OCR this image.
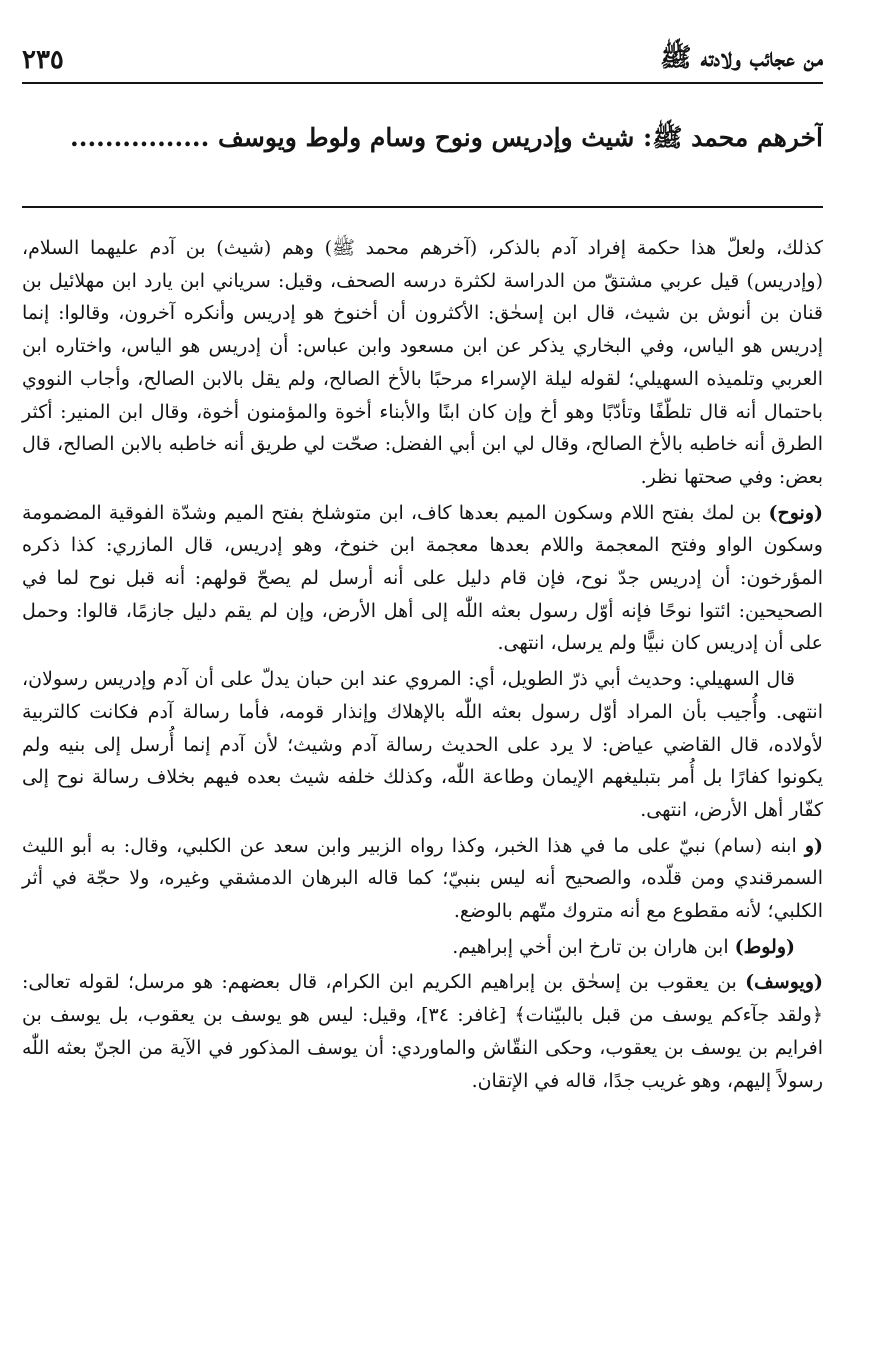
من عجائب ولادته ﷺ
٢٣٥
آخرهم محمد ﷺ: شيث وإدريس ونوح وسام ولوط ويوسف ................

كذلك، ولعلّ هذا حكمة إفراد آدم بالذكر، (آخرهم محمد ﷺ) وهم (شيث) بن آدم عليهما السلام، (وإدريس) قيل عربي مشتقّ من الدراسة لكثرة درسه الصحف، وقيل: سرياني ابن يارد ابن مهلائيل بن قنان بن أنوش بن شيث، قال ابن إسحٰق: الأكثرون أن أخنوخ هو إدريس وأنكره آخرون، وقالوا: إنما إدريس هو الياس، وفي البخاري يذكر عن ابن مسعود وابن عباس: أن إدريس هو الياس، واختاره ابن العربي وتلميذه السهيلي؛ لقوله ليلة الإسراء مرحبًا بالأخ الصالح، ولم يقل بالابن الصالح، وأجاب النووي باحتمال أنه قال تلطّفًا وتأدّبًا وهو أخ وإن كان ابنًا والأبناء أخوة والمؤمنون أخوة، وقال ابن المنير: أكثر الطرق أنه خاطبه بالأخ الصالح، وقال لي ابن أبي الفضل: صحّت لي طريق أنه خاطبه بالابن الصالح، قال بعض: وفي صحتها نظر.

(ونوح) بن لمك بفتح اللام وسكون الميم بعدها كاف، ابن متوشلخ بفتح الميم وشدّة الفوقية المضمومة وسكون الواو وفتح المعجمة واللام بعدها معجمة ابن خنوخ، وهو إدريس، قال المازري: كذا ذكره المؤرخون: أن إدريس جدّ نوح، فإن قام دليل على أنه أرسل لم يصحّ قولهم: أنه قبل نوح لما في الصحيحين: ائتوا نوحًا فإنه أوّل رسول بعثه اللّٰه إلى أهل الأرض، وإن لم يقم دليل جازمًا، قالوا: وحمل على أن إدريس كان نبيًّا ولم يرسل، انتهى.

قال السهيلي: وحديث أبي ذرّ الطويل، أي: المروي عند ابن حبان يدلّ على أن آدم وإدريس رسولان، انتهى. وأُجيب بأن المراد أوّل رسول بعثه اللّٰه بالإهلاك وإنذار قومه، فأما رسالة آدم فكانت كالتربية لأولاده، قال القاضي عياض: لا يرد على الحديث رسالة آدم وشيث؛ لأن آدم إنما أُرسل إلى بنيه ولم يكونوا كفارًا بل أُمر بتبليغهم الإيمان وطاعة اللّٰه، وكذلك خلفه شيث بعده فيهم بخلاف رسالة نوح إلى كفّار أهل الأرض، انتهى.

(و ابنه (سام) نبيّ على ما في هذا الخبر، وكذا رواه الزبير وابن سعد عن الكلبي، وقال: به أبو الليث السمرقندي ومن قلّده، والصحيح أنه ليس بنبيّ؛ كما قاله البرهان الدمشقي وغيره، ولا حجّة في أثر الكلبي؛ لأنه مقطوع مع أنه متروك متّهم بالوضع.

(ولوط) ابن هاران بن تارخ ابن أخي إبراهيم.

(ويوسف) بن يعقوب بن إسحٰق بن إبراهيم الكريم ابن الكرام، قال بعضهم: هو مرسل؛ لقوله تعالى: ﴿ولقد جآءكم يوسف من قبل بالبيّنات﴾ [غافر: ٣٤]، وقيل: ليس هو يوسف بن يعقوب، بل يوسف بن افرايم بن يوسف بن يعقوب، وحكى النقّاش والماوردي: أن يوسف المذكور في الآية من الجنّ بعثه اللّٰه رسولاً إليهم، وهو غريب جدًا، قاله في الإتقان.
